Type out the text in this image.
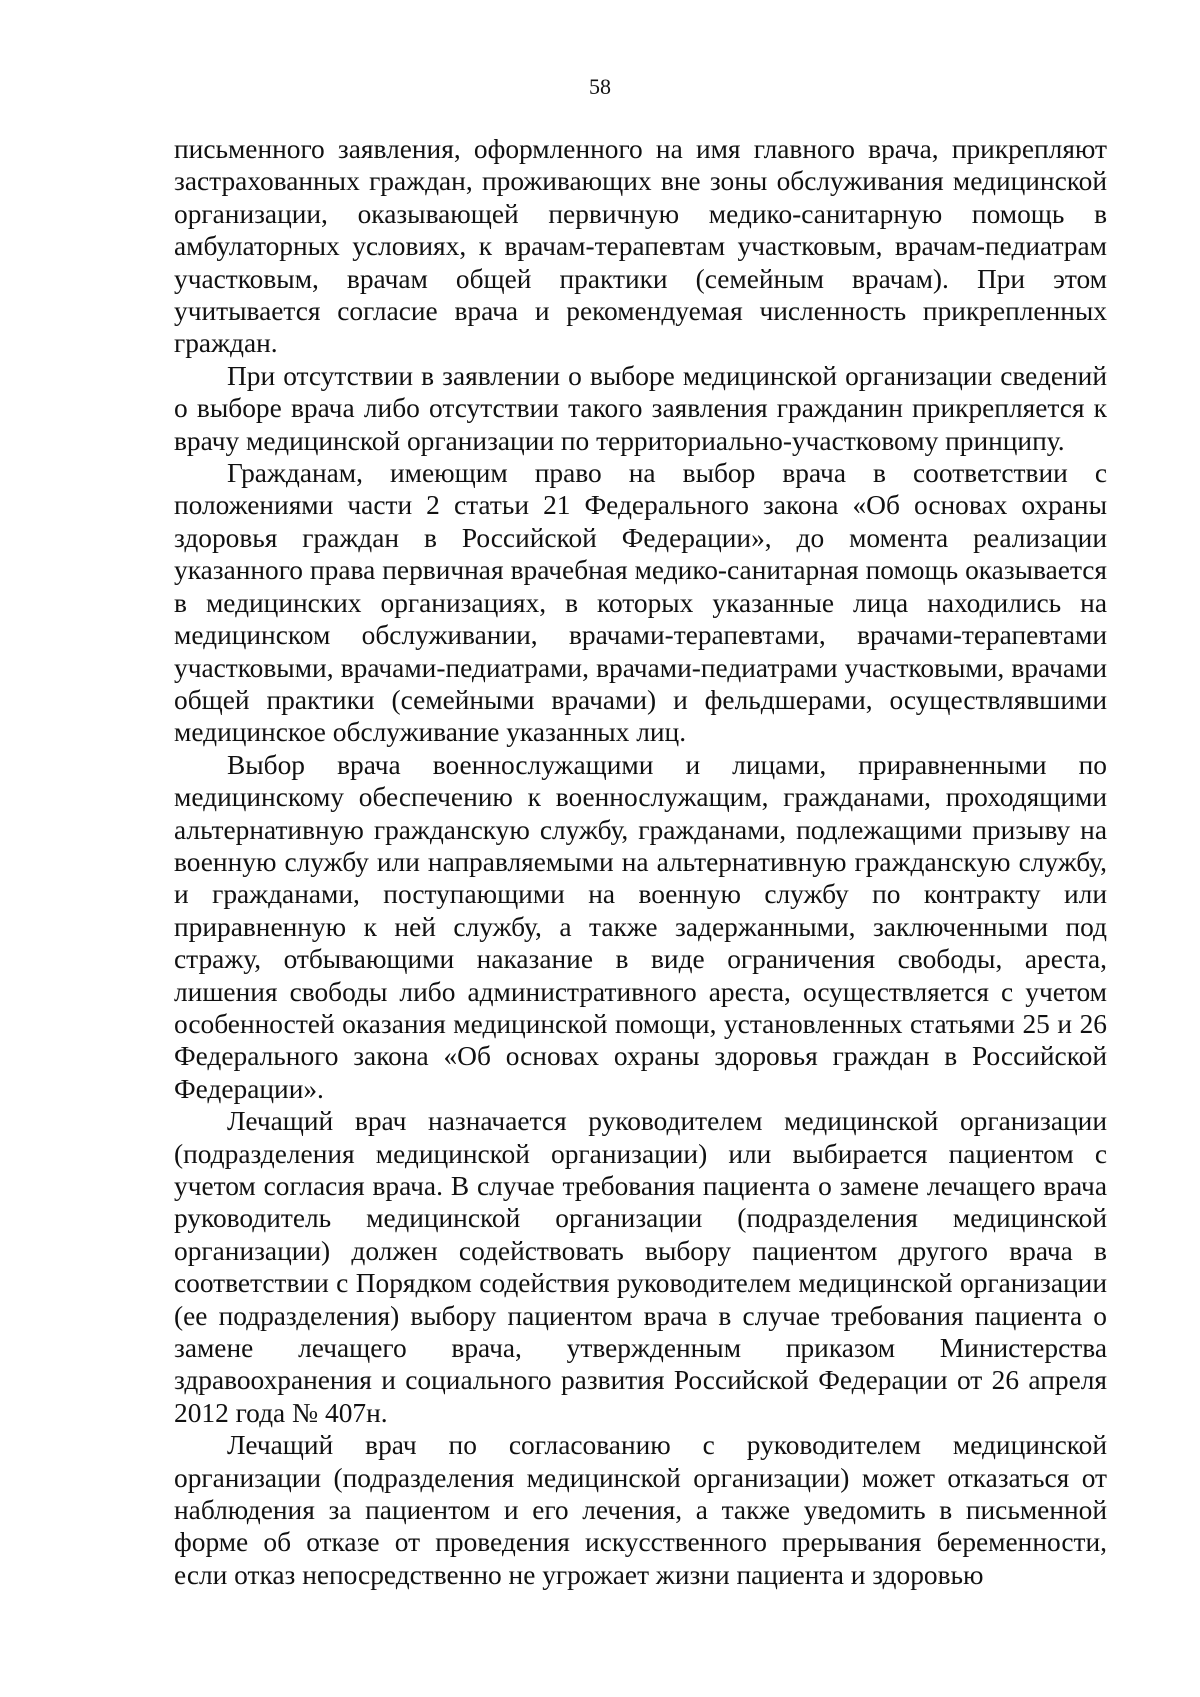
58

письменного заявления, оформленного на имя главного врача, прикрепляют застрахованных граждан, проживающих вне зоны обслуживания медицинской организации, оказывающей первичную медико-санитарную помощь в амбулаторных условиях, к врачам-терапевтам участковым, врачам-педиатрам участковым, врачам общей практики (семейным врачам). При этом учитывается согласие врача и рекомендуемая численность прикрепленных граждан.

При отсутствии в заявлении о выборе медицинской организации сведений о выборе врача либо отсутствии такого заявления гражданин прикрепляется к врачу медицинской организации по территориально-участковому принципу.

Гражданам, имеющим право на выбор врача в соответствии с положениями части 2 статьи 21 Федерального закона «Об основах охраны здоровья граждан в Российской Федерации», до момента реализации указанного права первичная врачебная медико-санитарная помощь оказывается в медицинских организациях, в которых указанные лица находились на медицинском обслуживании, врачами-терапевтами, врачами-терапевтами участковыми, врачами-педиатрами, врачами-педиатрами участковыми, врачами общей практики (семейными врачами) и фельдшерами, осуществлявшими медицинское обслуживание указанных лиц.

Выбор врача военнослужащими и лицами, приравненными по медицинскому обеспечению к военнослужащим, гражданами, проходящими альтернативную гражданскую службу, гражданами, подлежащими призыву на военную службу или направляемыми на альтернативную гражданскую службу, и гражданами, поступающими на военную службу по контракту или приравненную к ней службу, а также задержанными, заключенными под стражу, отбывающими наказание в виде ограничения свободы, ареста, лишения свободы либо административного ареста, осуществляется с учетом особенностей оказания медицинской помощи, установленных статьями 25 и 26 Федерального закона «Об основах охраны здоровья граждан в Российской Федерации».

Лечащий врач назначается руководителем медицинской организации (подразделения медицинской организации) или выбирается пациентом с учетом согласия врача. В случае требования пациента о замене лечащего врача руководитель медицинской организации (подразделения медицинской организации) должен содействовать выбору пациентом другого врача в соответствии с Порядком содействия руководителем медицинской организации (ее подразделения) выбору пациентом врача в случае требования пациента о замене лечащего врача, утвержденным приказом Министерства здравоохранения и социального развития Российской Федерации от 26 апреля 2012 года № 407н.

Лечащий врач по согласованию с руководителем медицинской организации (подразделения медицинской организации) может отказаться от наблюдения за пациентом и его лечения, а также уведомить в письменной форме об отказе от проведения искусственного прерывания беременности, если отказ непосредственно не угрожает жизни пациента и здоровью
